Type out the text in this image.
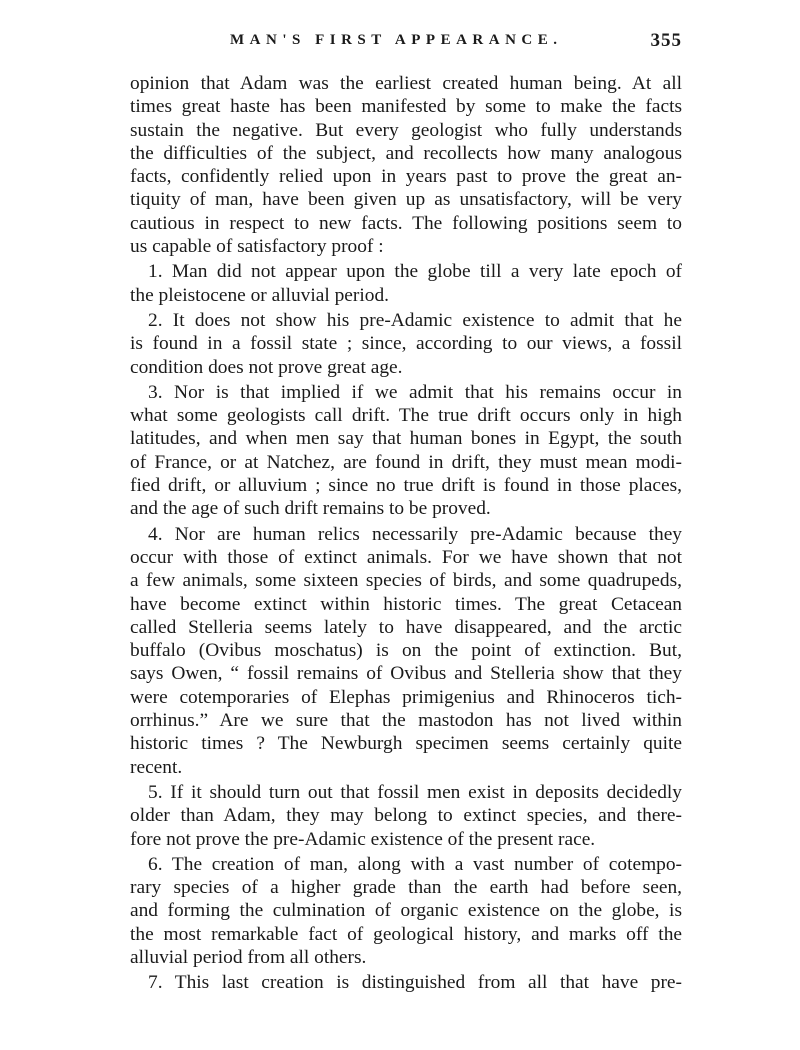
MAN'S FIRST APPEARANCE.	355
opinion that Adam was the earliest created human being. At all
times great haste has been manifested by some to make the facts
sustain the negative. But every geologist who fully understands
the difficulties of the subject, and recollects how many analogous
facts, confidently relied upon in years past to prove the great an-
tiquity of man, have been given up as unsatisfactory, will be very
cautious in respect to new facts. The following positions seem to
us capable of satisfactory proof :
1. Man did not appear upon the globe till a very late epoch of
the pleistocene or alluvial period.
2. It does not show his pre-Adamic existence to admit that he
is found in a fossil state ; since, according to our views, a fossil
condition does not prove great age.
3. Nor is that implied if we admit that his remains occur in
what some geologists call drift. The true drift occurs only in high
latitudes, and when men say that human bones in Egypt, the south
of France, or at Natchez, are found in drift, they must mean modi-
fied drift, or alluvium ; since no true drift is found in those places,
and the age of such drift remains to be proved.
4. Nor are human relics necessarily pre-Adamic because they
occur with those of extinct animals. For we have shown that not
a few animals, some sixteen species of birds, and some quadrupeds,
have become extinct within historic times. The great Cetacean
called Stelleria seems lately to have disappeared, and the arctic
buffalo (Ovibus moschatus) is on the point of extinction. But,
says Owen, “ fossil remains of Ovibus and Stelleria show that they
were cotemporaries of Elephas primigenius and Rhinoceros tich-
orrhinus.” Are we sure that the mastodon has not lived within
historic times ? The Newburgh specimen seems certainly quite
recent.
5. If it should turn out that fossil men exist in deposits decidedly
older than Adam, they may belong to extinct species, and there-
fore not prove the pre-Adamic existence of the present race.
6. The creation of man, along with a vast number of cotempo-
rary species of a higher grade than the earth had before seen,
and forming the culmination of organic existence on the globe, is
the most remarkable fact of geological history, and marks off the
alluvial period from all others.
7. This last creation is distinguished from all that have pre-
